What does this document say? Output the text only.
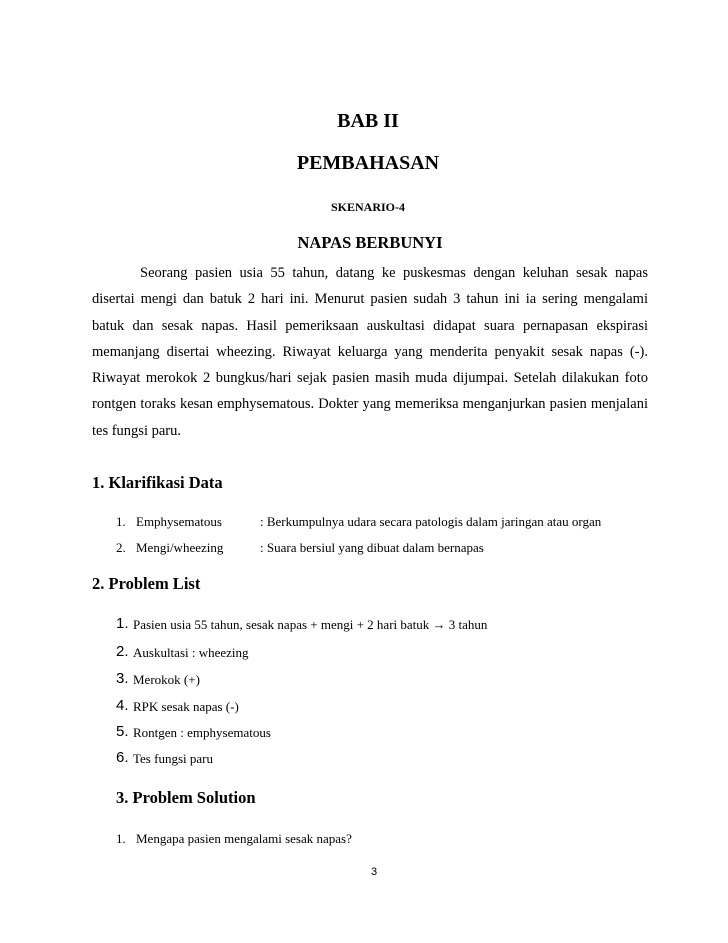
BAB II
PEMBAHASAN
SKENARIO-4
NAPAS BERBUNYI

Seorang pasien usia 55 tahun, datang ke puskesmas dengan keluhan sesak napas disertai mengi dan batuk 2 hari ini. Menurut pasien sudah 3 tahun ini ia sering mengalami batuk dan sesak napas. Hasil pemeriksaan auskultasi didapat suara pernapasan ekspirasi memanjang disertai wheezing. Riwayat keluarga yang menderita penyakit sesak napas (-). Riwayat merokok 2 bungkus/hari sejak pasien masih muda dijumpai. Setelah dilakukan foto rontgen toraks kesan emphysematous. Dokter yang memeriksa menganjurkan pasien menjalani tes fungsi paru.

1. Klarifikasi Data
1. Emphysematous	: Berkumpulnya udara secara patologis dalam jaringan atau organ
2. Mengi/wheezing	: Suara bersiul yang dibuat dalam bernapas
2. Problem List
1. Pasien usia 55 tahun, sesak napas + mengi + 2 hari batuk → 3 tahun
2. Auskultasi : wheezing
3. Merokok (+)
4. RPK sesak napas (-)
5. Rontgen : emphysematous
6. Tes fungsi paru
3. Problem Solution
1. Mengapa pasien mengalami sesak napas?
3
